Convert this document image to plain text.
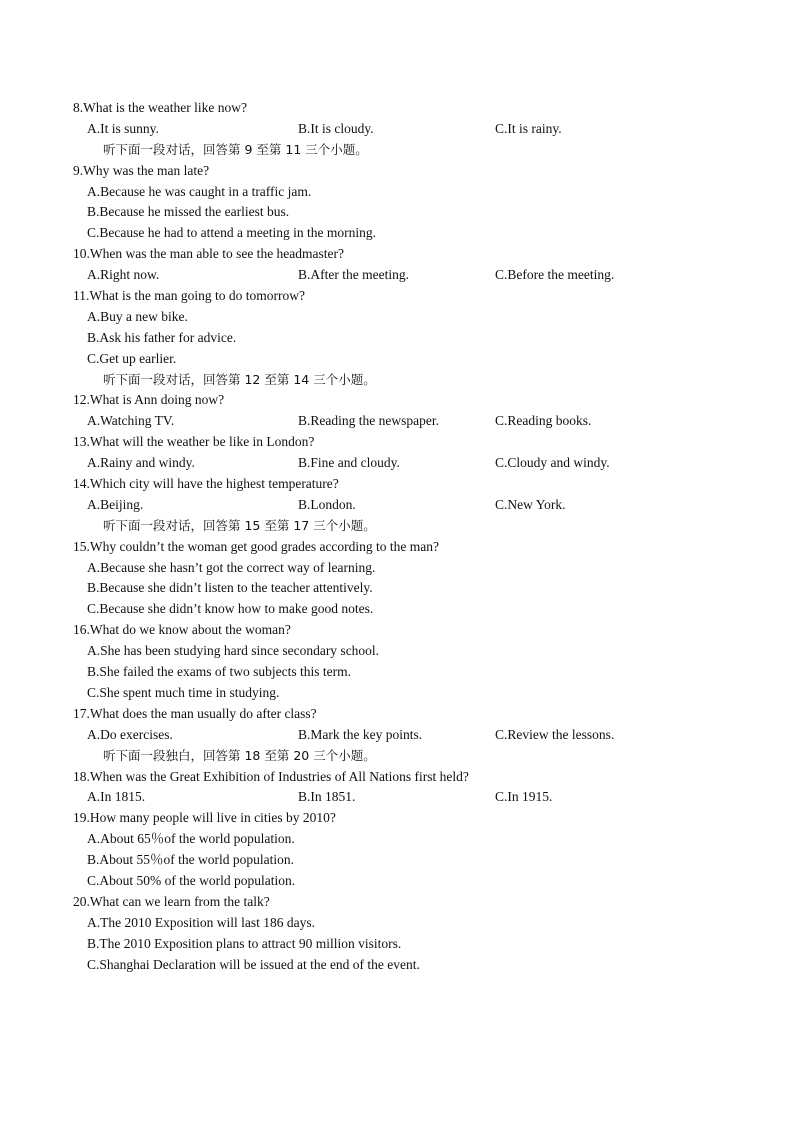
8.What is the weather like now?
A.It is sunny.	B.It is cloudy.	C.It is rainy.
听下面一段对话，回答第 9 至第 11 三个小题。
9.Why was the man late?
A.Because he was caught in a traffic jam.
B.Because he missed the earliest bus.
C.Because he had to attend a meeting in the morning.
10.When was the man able to see the headmaster?
A.Right now.	B.After the meeting.	C.Before the meeting.
11.What is the man going to do tomorrow?
A.Buy a new bike.
B.Ask his father for advice.
C.Get up earlier.
听下面一段对话，回答第 12 至第 14 三个小题。
12.What is Ann doing now?
A.Watching TV.	B.Reading the newspaper.	C.Reading books.
13.What will the weather be like in London?
A.Rainy and windy.	B.Fine and cloudy.	C.Cloudy and windy.
14.Which city will have the highest temperature?
A.Beijing.	B.London.	C.New York.
听下面一段对话，回答第 15 至第 17 三个小题。
15.Why couldn’t the woman get good grades according to the man?
A.Because she hasn’t got the correct way of learning.
B.Because she didn’t listen to the teacher attentively.
C.Because she didn’t know how to make good notes.
16.What do we know about the woman?
A.She has been studying hard since secondary school.
B.She failed the exams of two subjects this term.
C.She spent much time in studying.
17.What does the man usually do after class?
A.Do exercises.	B.Mark the key points.	C.Review the lessons.
听下面一段独白，回答第 18 至第 20 三个小题。
18.When was the Great Exhibition of Industries of All Nations first held?
A.In 1815.	B.In 1851.	C.In 1915.
19.How many people will live in cities by 2010?
A.About 65％of the world population.
B.About 55％of the world population.
C.About 50% of the world population.
20.What can we learn from the talk?
A.The 2010 Exposition will last 186 days.
B.The 2010 Exposition plans to attract 90 million visitors.
C.Shanghai Declaration will be issued at the end of the event.
